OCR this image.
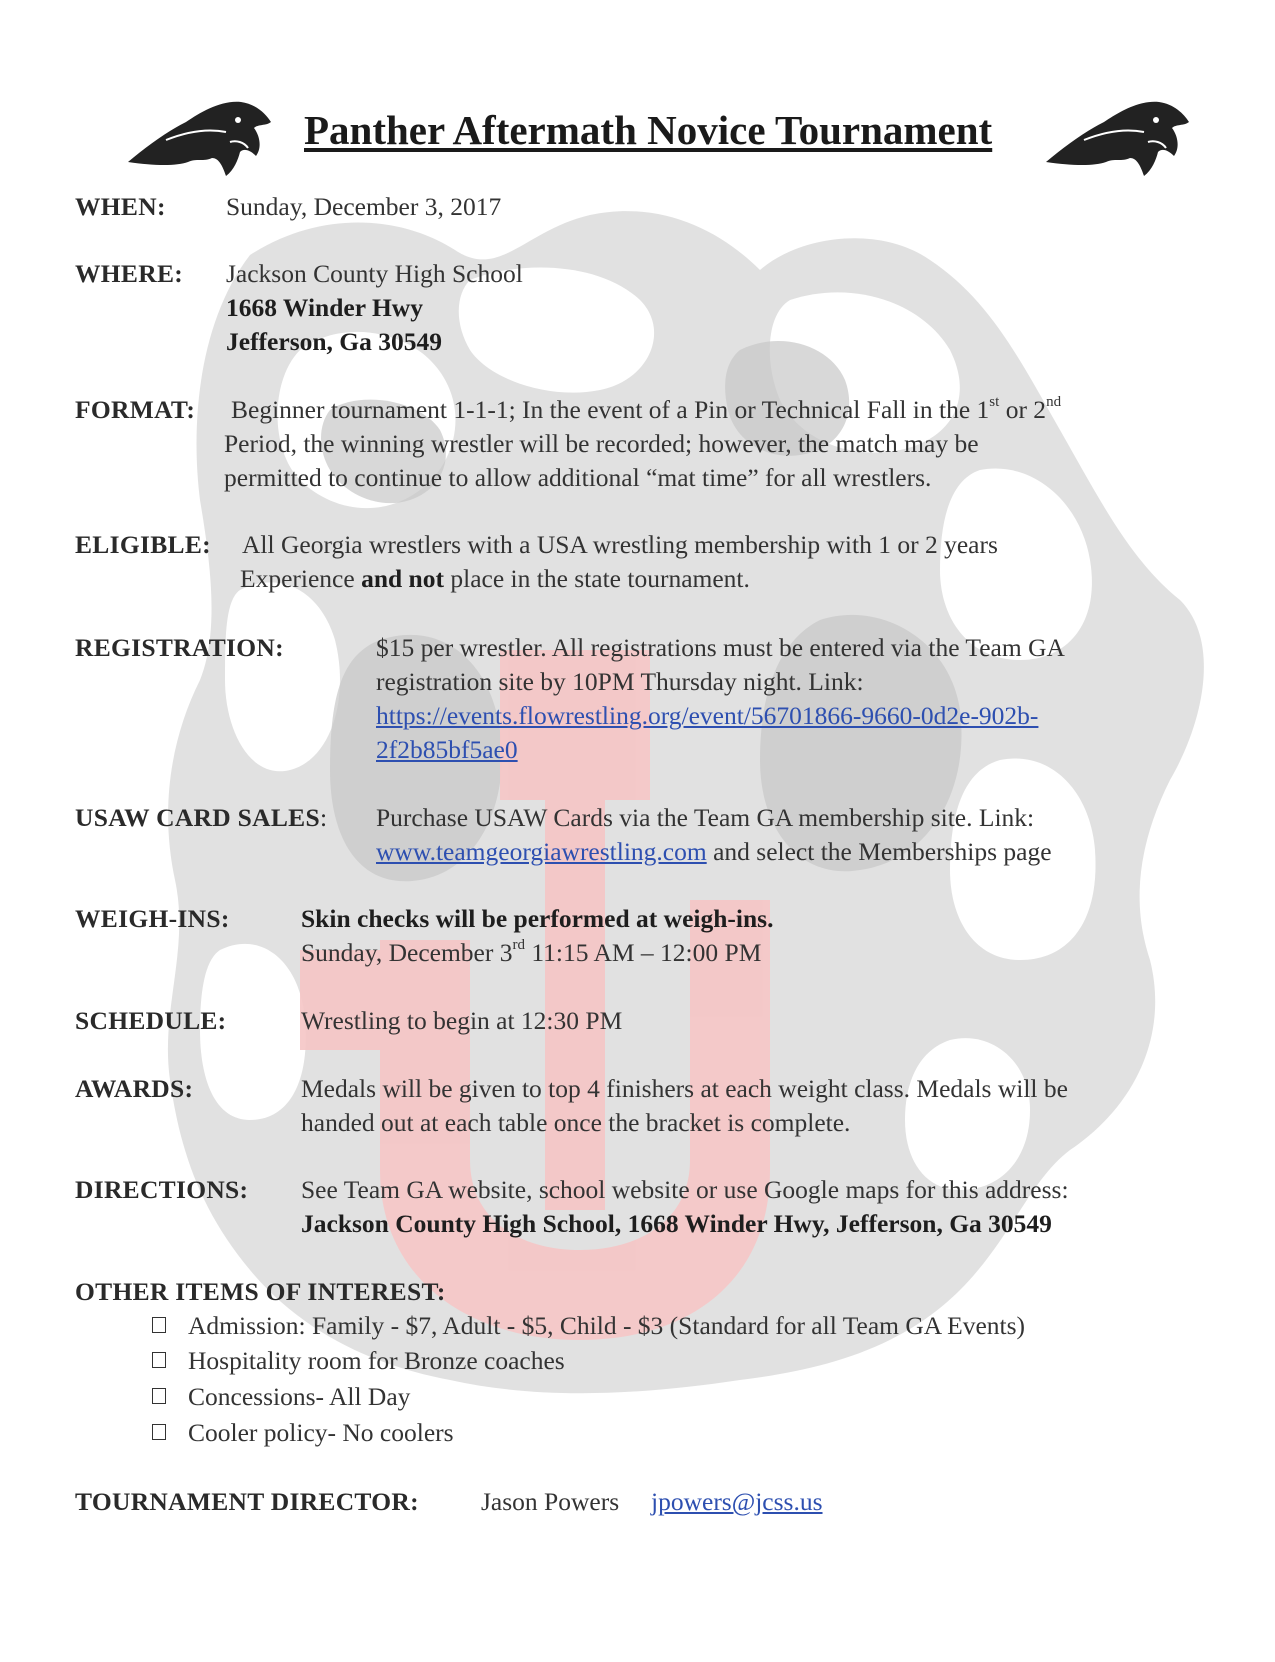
Panther Aftermath Novice Tournament
WHEN: Sunday, December 3, 2017
WHERE: Jackson County High School
1668 Winder Hwy
Jefferson, Ga 30549
FORMAT: Beginner tournament 1-1-1; In the event of a Pin or Technical Fall in the 1st or 2nd
Period, the winning wrestler will be recorded; however, the match may be
permitted to continue to allow additional “mat time” for all wrestlers.
ELIGIBLE: All Georgia wrestlers with a USA wrestling membership with 1 or 2 years
Experience and not place in the state tournament.
REGISTRATION:	$15 per wrestler. All registrations must be entered via the Team GA
registration site by 10PM Thursday night. Link:
https://events.flowrestling.org/event/56701866-9660-0d2e-902b-
2f2b85bf5ae0
USAW CARD SALES: Purchase USAW Cards via the Team GA membership site. Link:
www.teamgeorgiawrestling.com and select the Memberships page
WEIGH-INS:	Skin checks will be performed at weigh-ins.
Sunday, December 3rd 11:15 AM – 12:00 PM
SCHEDULE:	Wrestling to begin at 12:30 PM
AWARDS:	Medals will be given to top 4 finishers at each weight class. Medals will be
handed out at each table once the bracket is complete.
DIRECTIONS: See Team GA website, school website or use Google maps for this address:
Jackson County High School, 1668 Winder Hwy, Jefferson, Ga 30549
OTHER ITEMS OF INTEREST:
Admission: Family - $7, Adult - $5, Child - $3 (Standard for all Team GA Events)
Hospitality room for Bronze coaches
Concessions- All Day
Cooler policy- No coolers
TOURNAMENT DIRECTOR: Jason Powers jpowers@jcss.us
